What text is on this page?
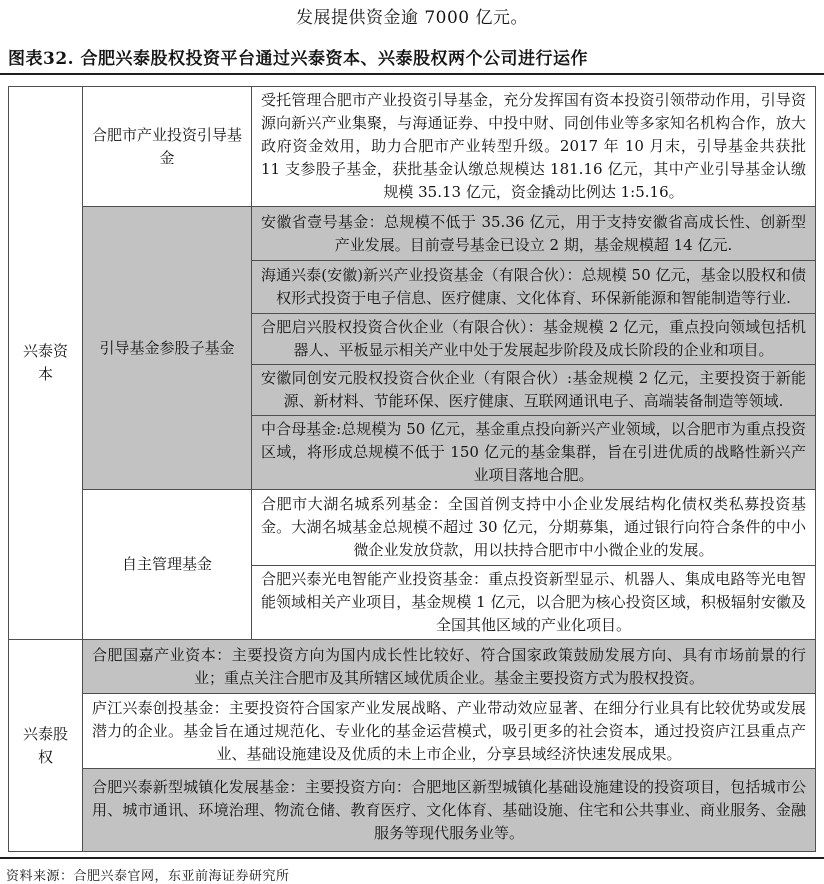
发展提供资金逾 7000 亿元。
图表32. 合肥兴泰股权投资平台通过兴泰资本、兴泰股权两个公司进行运作
兴泰资本	合肥市产业投资引导基金	受托管理合肥市产业投资引导基金，充分发挥国有资本投资引领带动作用，引导资源向新兴产业集聚，与海通证券、中投中财、同创伟业等多家知名机构合作，放大政府资金效用，助力合肥市产业转型升级。2017 年 10 月末，引导基金共获批 11 支参股子基金，获批基金认缴总规模达 181.16 亿元，其中产业引导基金认缴规模 35.13 亿元，资金撬动比例达 1:5.16。
	引导基金参股子基金	安徽省壹号基金：总规模不低于 35.36 亿元，用于支持安徽省高成长性、创新型产业发展。目前壹号基金已设立 2 期，基金规模超 14 亿元.
		海通兴泰(安徽)新兴产业投资基金（有限合伙）：总规模 50 亿元，基金以股权和债权形式投资于电子信息、医疗健康、文化体育、环保新能源和智能制造等行业.
		合肥启兴股权投资合伙企业（有限合伙）：基金规模 2 亿元，重点投向领域包括机器人、平板显示相关产业中处于发展起步阶段及成长阶段的企业和项目。
		安徽同创安元股权投资合伙企业（有限合伙）:基金规模 2 亿元，主要投资于新能源、新材料、节能环保、医疗健康、互联网通讯电子、高端装备制造等领域.
		中合母基金:总规模为 50 亿元，基金重点投向新兴产业领域，以合肥市为重点投资区域，将形成总规模不低于 150 亿元的基金集群，旨在引进优质的战略性新兴产业项目落地合肥。
	自主管理基金	合肥市大湖名城系列基金：全国首例支持中小企业发展结构化债权类私募投资基金。大湖名城基金总规模不超过 30 亿元，分期募集，通过银行向符合条件的中小微企业发放贷款，用以扶持合肥市中小微企业的发展。
		合肥兴泰光电智能产业投资基金：重点投资新型显示、机器人、集成电路等光电智能领域相关产业项目，基金规模 1 亿元，以合肥为核心投资区域，积极辐射安徽及全国其他区域的产业化项目。
兴泰股权	合肥国嘉产业资本：主要投资方向为国内成长性比较好、符合国家政策鼓励发展方向、具有市场前景的行业；重点关注合肥市及其所辖区域优质企业。基金主要投资方式为股权投资。	
	庐江兴泰创投基金：主要投资符合国家产业发展战略、产业带动效应显著、在细分行业具有比较优势或发展潜力的企业。基金旨在通过规范化、专业化的基金运营模式，吸引更多的社会资本，通过投资庐江县重点产业、基础设施建设及优质的未上市企业，分享县域经济快速发展成果。	
	合肥兴泰新型城镇化发展基金：主要投资方向：合肥地区新型城镇化基础设施建设的投资项目，包括城市公用、城市通讯、环境治理、物流仓储、教育医疗、文化体育、基础设施、住宅和公共事业、商业服务、金融服务等现代服务业等。	
资料来源：合肥兴泰官网，东亚前海证券研究所
